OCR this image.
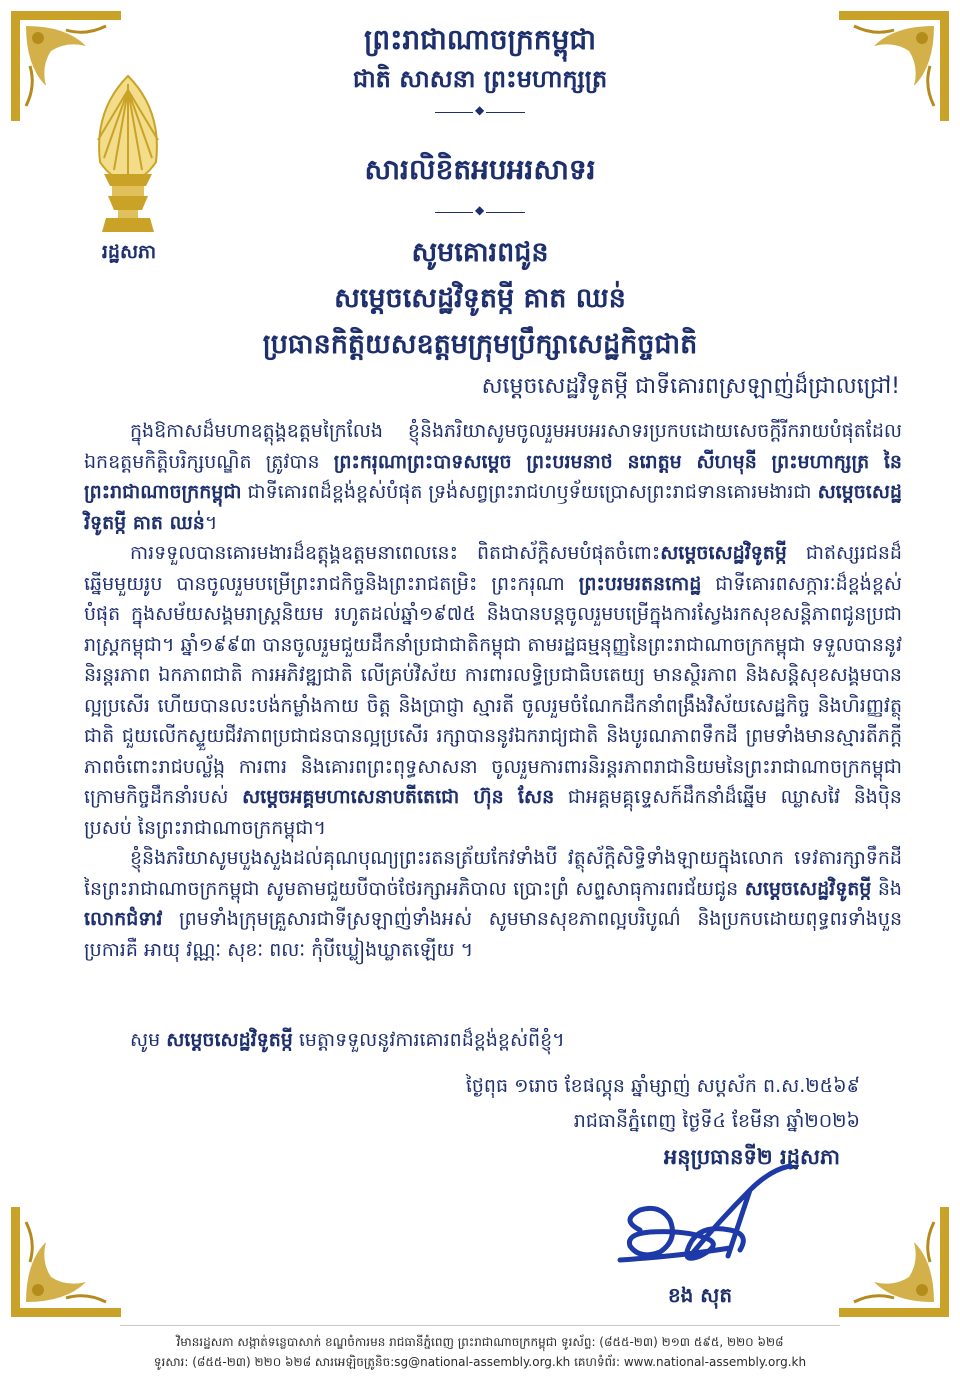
រដ្ឋសភា
ព្រះរាជាណាចក្រកម្ពុជា
ជាតិ សាសនា ព្រះមហាក្សត្រ
◆
សារលិខិតអបអរសាទរ
◆
សូមគោរពជូន
សម្តេចសេដ្ឋវិទូតម្កី គាត ឈន់
ប្រធានកិត្តិយសឧត្តមក្រុមប្រឹក្សាសេដ្ឋកិច្ចជាតិ
សម្តេចសេដ្ឋវិទូតម្កី ជាទីគោរពស្រឡាញ់ដ៏ជ្រាលជ្រៅ!

ក្នុងឱកាសដ៏មហាឧត្តុង្គឧត្តមក្រៃលែង ខ្ញុំនិងភរិយាសូមចូលរួមអបអរសាទរប្រកបដោយសេចក្តីរីករាយបំផុតដែល ឯកឧត្តមកិត្តិបរិក្សបណ្ឌិត ត្រូវបាន ព្រះករុណាព្រះបាទសម្តេច ព្រះបរមនាថ នរោត្តម សីហមុនី ព្រះមហាក្សត្រ នៃព្រះរាជាណាចក្រកម្ពុជា ជាទីគោរពដ៏ខ្ពង់ខ្ពស់បំផុត ទ្រង់សព្វព្រះរាជហឫទ័យប្រោសព្រះរាជទានគោរមងារជា សម្តេចសេដ្ឋវិទូតម្កី គាត ឈន់។

ការទទួលបានគោរមងារដ៏ឧត្តុង្គឧត្តមនាពេលនេះ ពិតជាស័ក្តិសមបំផុតចំពោះសម្តេចសេដ្ឋវិទូតម្កី ជាឥស្សរជនដ៏ឆ្នើមមួយរូប បានចូលរួមបម្រើព្រះរាជកិច្ចនិងព្រះរាជតម្រិះ ព្រះករុណា ព្រះបរមរតនកោដ្ឋ ជាទីគោរពសក្ការៈដ៏ខ្ពង់ខ្ពស់បំផុត ក្នុងសម័យសង្គមរាស្ត្រនិយម រហូតដល់ឆ្នាំ១៩៧៥ និងបានបន្តចូលរួមបម្រើក្នុងការស្វែងរកសុខសន្តិភាពជូនប្រជារាស្ត្រកម្ពុជា។ ឆ្នាំ១៩៩៣ បានចូលរួមជួយដឹកនាំប្រជាជាតិកម្ពុជា តាមរដ្ឋធម្មនុញ្ញនៃព្រះរាជាណាចក្រកម្ពុជា ទទួលបាននូវនិរន្តរភាព ឯកភាពជាតិ ការអភិវឌ្ឍជាតិ លើគ្រប់វិស័យ ការពារលទ្ធិប្រជាធិបតេយ្យ មានស្ថិរភាព និងសន្តិសុខសង្គមបានល្អប្រសើរ ហើយបានលះបង់កម្លាំងកាយ ចិត្ត និងប្រាជ្ញា ស្មារតី ចូលរួមចំណែកដឹកនាំពង្រឹងវិស័យសេដ្ឋកិច្ច និងហិរញ្ញវត្ថុជាតិ ជួយលើកស្ទួយជីវភាពប្រជាជនបានល្អប្រសើរ រក្សាបាននូវឯករាជ្យជាតិ និងបូរណភាពទឹកដី ព្រមទាំងមានស្មារតីភក្តីភាពចំពោះរាជបល្ល័ង្ក ការពារ និងគោរពព្រះពុទ្ធសាសនា ចូលរួមការពារនិរន្តរភាពរាជានិយមនៃព្រះរាជាណាចក្រកម្ពុជា ក្រោមកិច្ចដឹកនាំរបស់ សម្តេចអគ្គមហាសេនាបតីតេជោ ហ៊ុន សែន ជាអគ្គមគ្គុទ្ទេសក៍ដឹកនាំដ៏ឆ្នើម ឈ្លាសវៃ និងប៉ិនប្រសប់ នៃព្រះរាជាណាចក្រកម្ពុជា។

ខ្ញុំនិងភរិយាសូមបួងសួងដល់គុណបុណ្យព្រះរតនត្រ័យកែវទាំងបី វត្ថុស័ក្តិសិទ្ធិទាំងឡាយក្នុងលោក ទេវតារក្សាទឹកដីនៃព្រះរាជាណាចក្រកម្ពុជា សូមតាមជួយបីបាច់ថែរក្សាអភិបាល ប្រោះព្រំ សព្ទសាធុការពរជ័យជូន សម្តេចសេដ្ឋវិទូតម្កី និងលោកជំទាវ ព្រមទាំងក្រុមគ្រួសារជាទីស្រឡាញ់ទាំងអស់ សូមមានសុខភាពល្អបរិបូណ៌ និងប្រកបដោយពុទ្ធពរទាំងបួនប្រការគឺ អាយុ វណ្ណៈ សុខៈ ពលៈ កុំបីឃ្លៀងឃ្លាតឡើយ ។

សូម សម្តេចសេដ្ឋវិទូតម្កី មេត្តាទទួលនូវការគោរពដ៏ខ្ពង់ខ្ពស់ពីខ្ញុំ។
ថ្ងៃពុធ ១រោច ខែផល្គុន ឆ្នាំម្សាញ់ សប្តស័ក ព.ស.២៥៦៩
រាជធានីភ្នំពេញ ថ្ងៃទី៤ ខែមីនា ឆ្នាំ២០២៦
អនុប្រធានទី២ រដ្ឋសភា
ខង សុត
វិមានរដ្ឋសភា សង្កាត់ទន្លេបាសាក់ ខណ្ឌចំការមន រាជធានីភ្នំពេញ ព្រះរាជាណាចក្រកម្ពុជា ទូរស័ព្ទ: (៨៥៥-២៣) ២១៣ ៥៩៥, ២២០ ៦២៨
ទូរសារ: (៨៥៥-២៣) ២២០ ៦២៨ សារអេឡិចត្រូនិច:sg@national-assembly.org.kh គេហទំព័រ: www.national-assembly.org.kh
